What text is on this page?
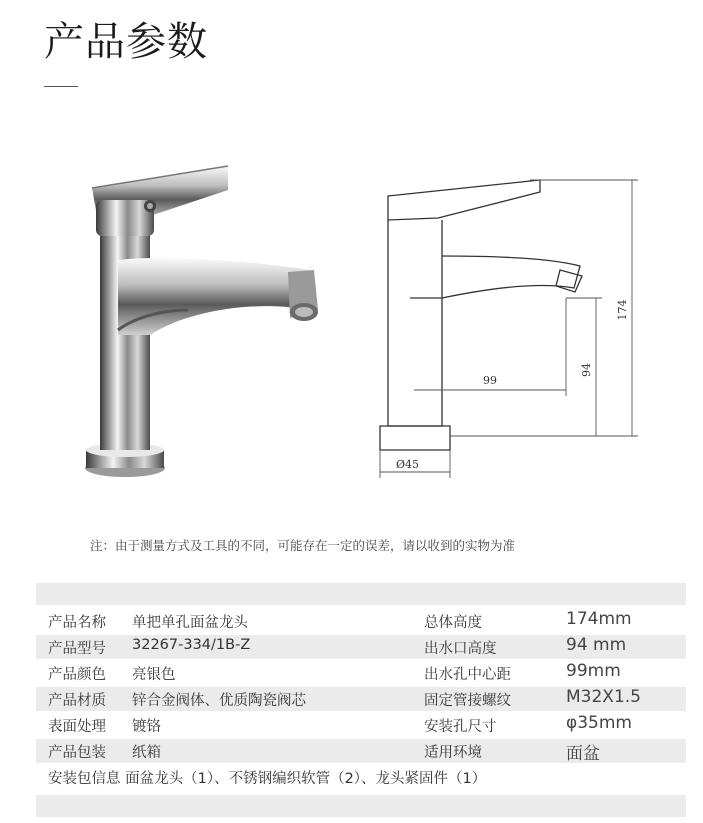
产品参数
174
94
99
Ø45
注：由于测量方式及工具的不同，可能存在一定的误差，请以收到的实物为准
产品名称 单把单孔面盆龙头	总体高度	174mm
产品型号 32267-334/1B-Z	出水口高度	94 mm
产品颜色 亮银色	出水孔中心距	99mm
产品材质 锌合金阀体、优质陶瓷阀芯	固定管接螺纹	M32X1.5
表面处理 镀铬	安装孔尺寸	φ35mm
产品包装 纸箱	适用环境	面盆
安装包信息 面盆龙头（1）、不锈钢编织软管（2）、龙头紧固件（1）
